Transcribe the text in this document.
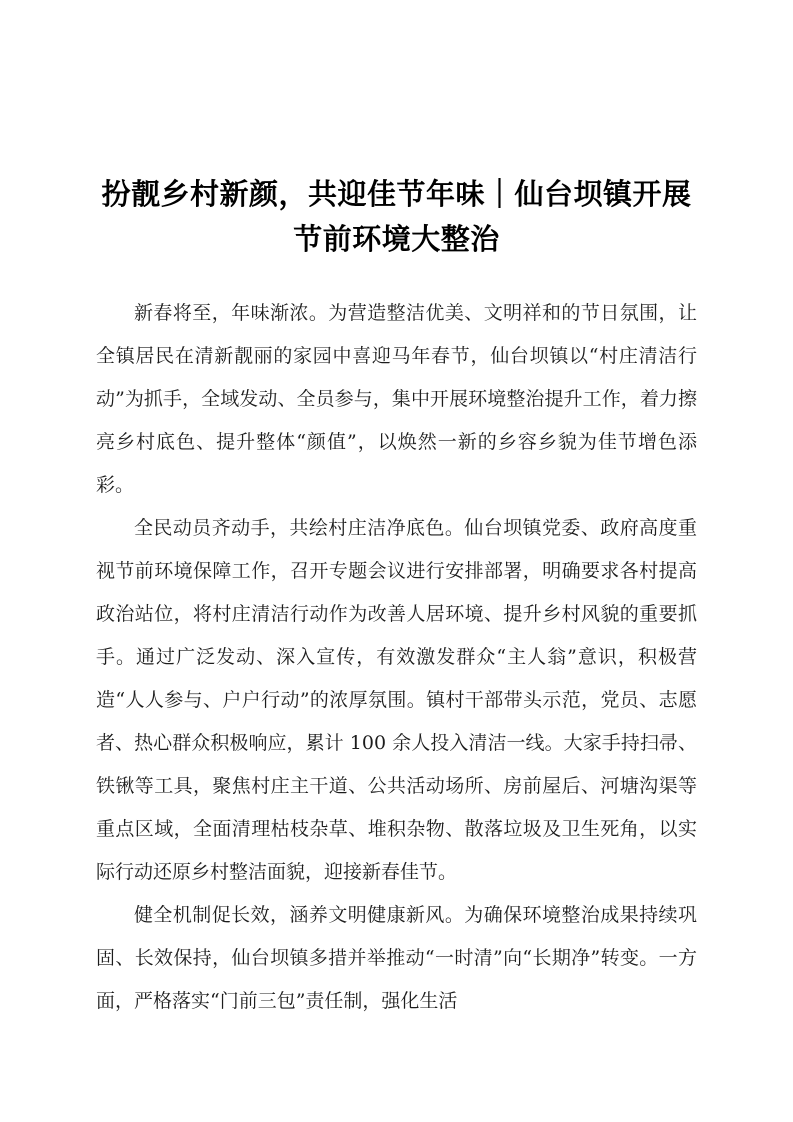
扮靓乡村新颜，共迎佳节年味｜仙台坝镇开展节前环境大整治

新春将至，年味渐浓。为营造整洁优美、文明祥和的节日氛围，让全镇居民在清新靓丽的家园中喜迎马年春节，仙台坝镇以“村庄清洁行动”为抓手，全域发动、全员参与，集中开展环境整治提升工作，着力擦亮乡村底色、提升整体“颜值”，以焕然一新的乡容乡貌为佳节增色添彩。

全民动员齐动手，共绘村庄洁净底色。仙台坝镇党委、政府高度重视节前环境保障工作，召开专题会议进行安排部署，明确要求各村提高政治站位，将村庄清洁行动作为改善人居环境、提升乡村风貌的重要抓手。通过广泛发动、深入宣传，有效激发群众“主人翁”意识，积极营造“人人参与、户户行动”的浓厚氛围。镇村干部带头示范，党员、志愿者、热心群众积极响应，累计 100 余人投入清洁一线。大家手持扫帚、铁锹等工具，聚焦村庄主干道、公共活动场所、房前屋后、河塘沟渠等重点区域，全面清理枯枝杂草、堆积杂物、散落垃圾及卫生死角，以实际行动还原乡村整洁面貌，迎接新春佳节。

健全机制促长效，涵养文明健康新风。为确保环境整治成果持续巩固、长效保持，仙台坝镇多措并举推动“一时清”向“长期净”转变。一方面，严格落实“门前三包”责任制，强化生活
